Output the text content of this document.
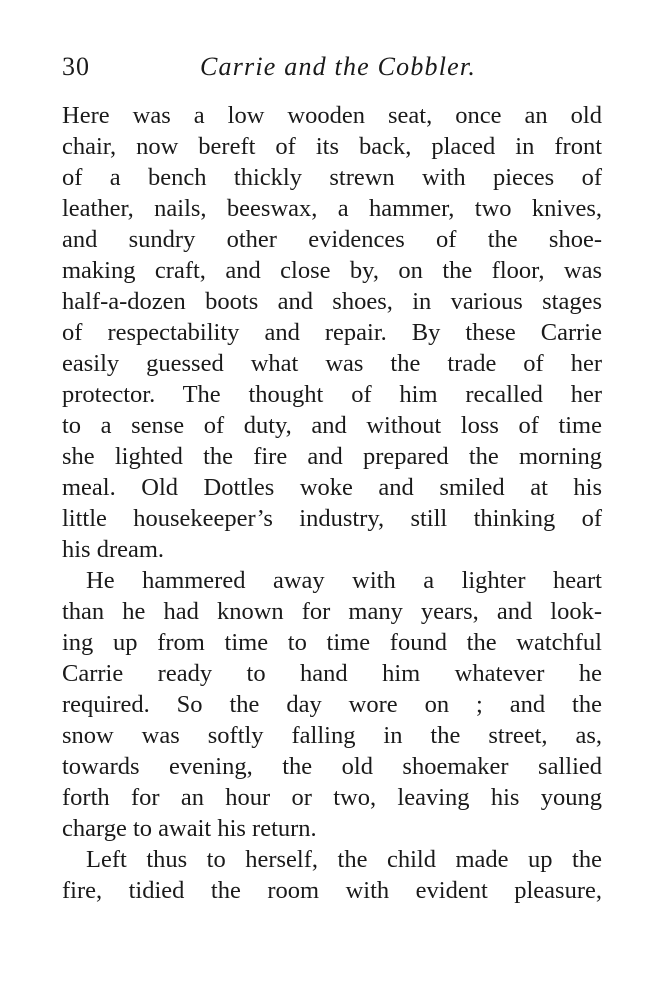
30	Carrie and the Cobbler.
Here was a low wooden seat, once an old
chair, now bereft of its back, placed in front
of a bench thickly strewn with pieces of
leather, nails, beeswax, a hammer, two knives,
and sundry other evidences of the shoe-
making craft, and close by, on the floor, was
half-a-dozen boots and shoes, in various stages
of respectability and repair. By these Carrie
easily guessed what was the trade of her
protector. The thought of him recalled her
to a sense of duty, and without loss of time
she lighted the fire and prepared the morning
meal. Old Dottles woke and smiled at his
little housekeeper’s industry, still thinking of
his dream.
He hammered away with a lighter heart
than he had known for many years, and look-
ing up from time to time found the watchful
Carrie ready to hand him whatever he
required. So the day wore on ; and the
snow was softly falling in the street, as,
towards evening, the old shoemaker sallied
forth for an hour or two, leaving his young
charge to await his return.
Left thus to herself, the child made up the
fire, tidied the room with evident pleasure,
